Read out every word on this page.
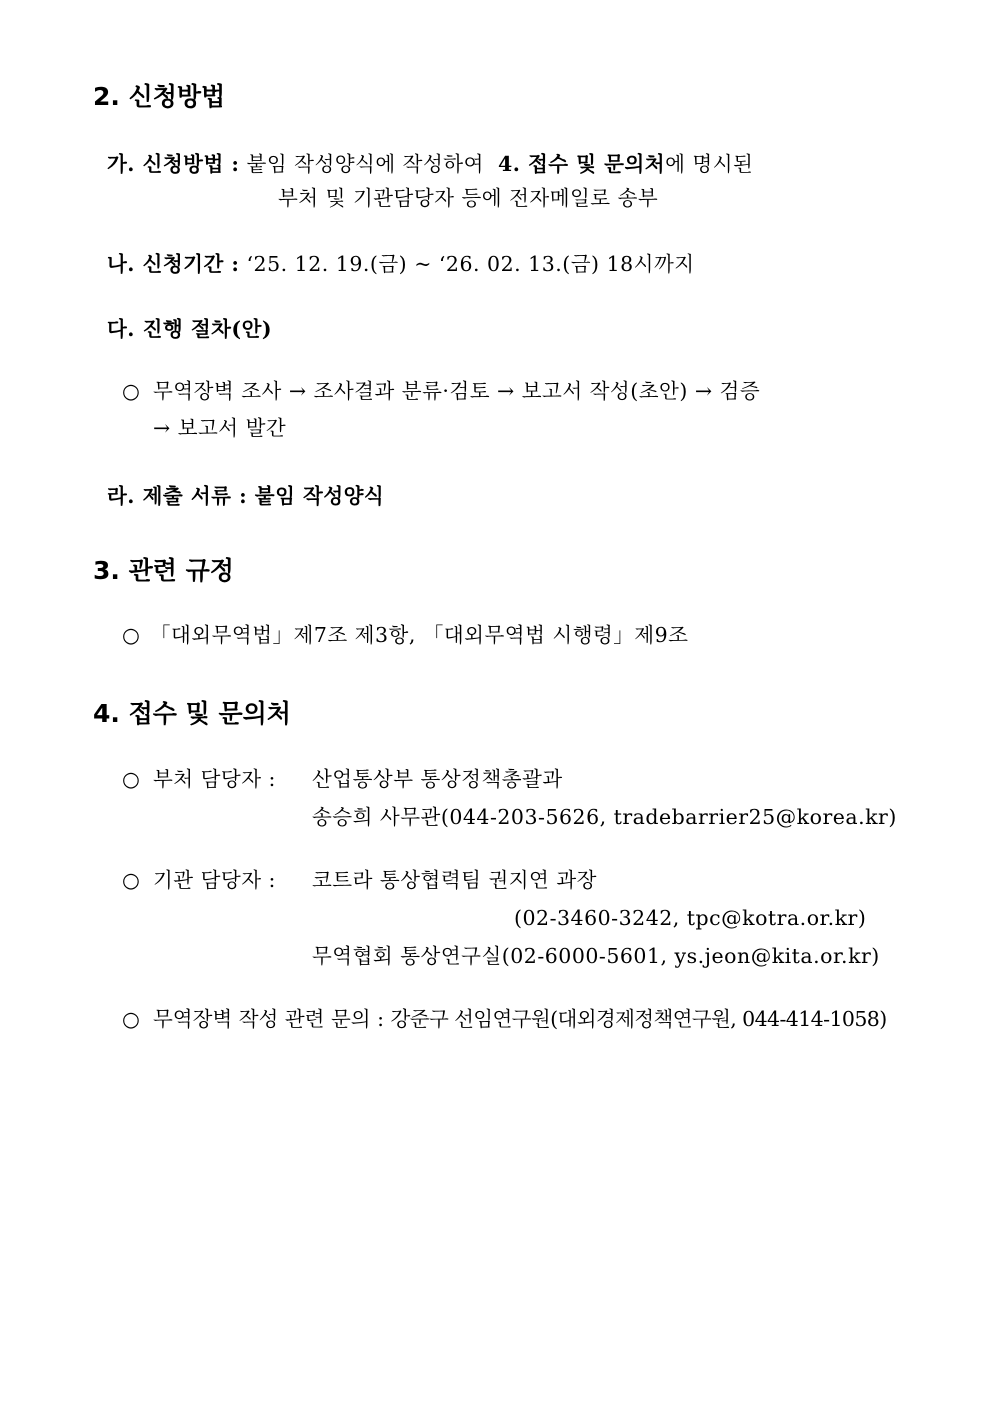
2. 신청방법
가. 신청방법 : 붙임 작성양식에 작성하여 4. 접수 및 문의처에 명시된
부처 및 기관담당자 등에 전자메일로 송부
나. 신청기간 : ‘25. 12. 19.(금) ~ ‘26. 02. 13.(금) 18시까지
다. 진행 절차(안)
○ 무역장벽 조사 → 조사결과 분류·검토 → 보고서 작성(초안) → 검증
→ 보고서 발간
라. 제출 서류 : 붙임 작성양식
3. 관련 규정
○ 「대외무역법」제7조 제3항, 「대외무역법 시행령」제9조
4. 접수 및 문의처
○ 부처 담당자 : 산업통상부 통상정책총괄과
송승희 사무관(044-203-5626, tradebarrier25@korea.kr)
○ 기관 담당자 : 코트라 통상협력팀 권지연 과장
(02-3460-3242, tpc@kotra.or.kr)
무역협회 통상연구실(02-6000-5601, ys.jeon@kita.or.kr)
○ 무역장벽 작성 관련 문의 : 강준구 선임연구원(대외경제정책연구원, 044-414-1058)
